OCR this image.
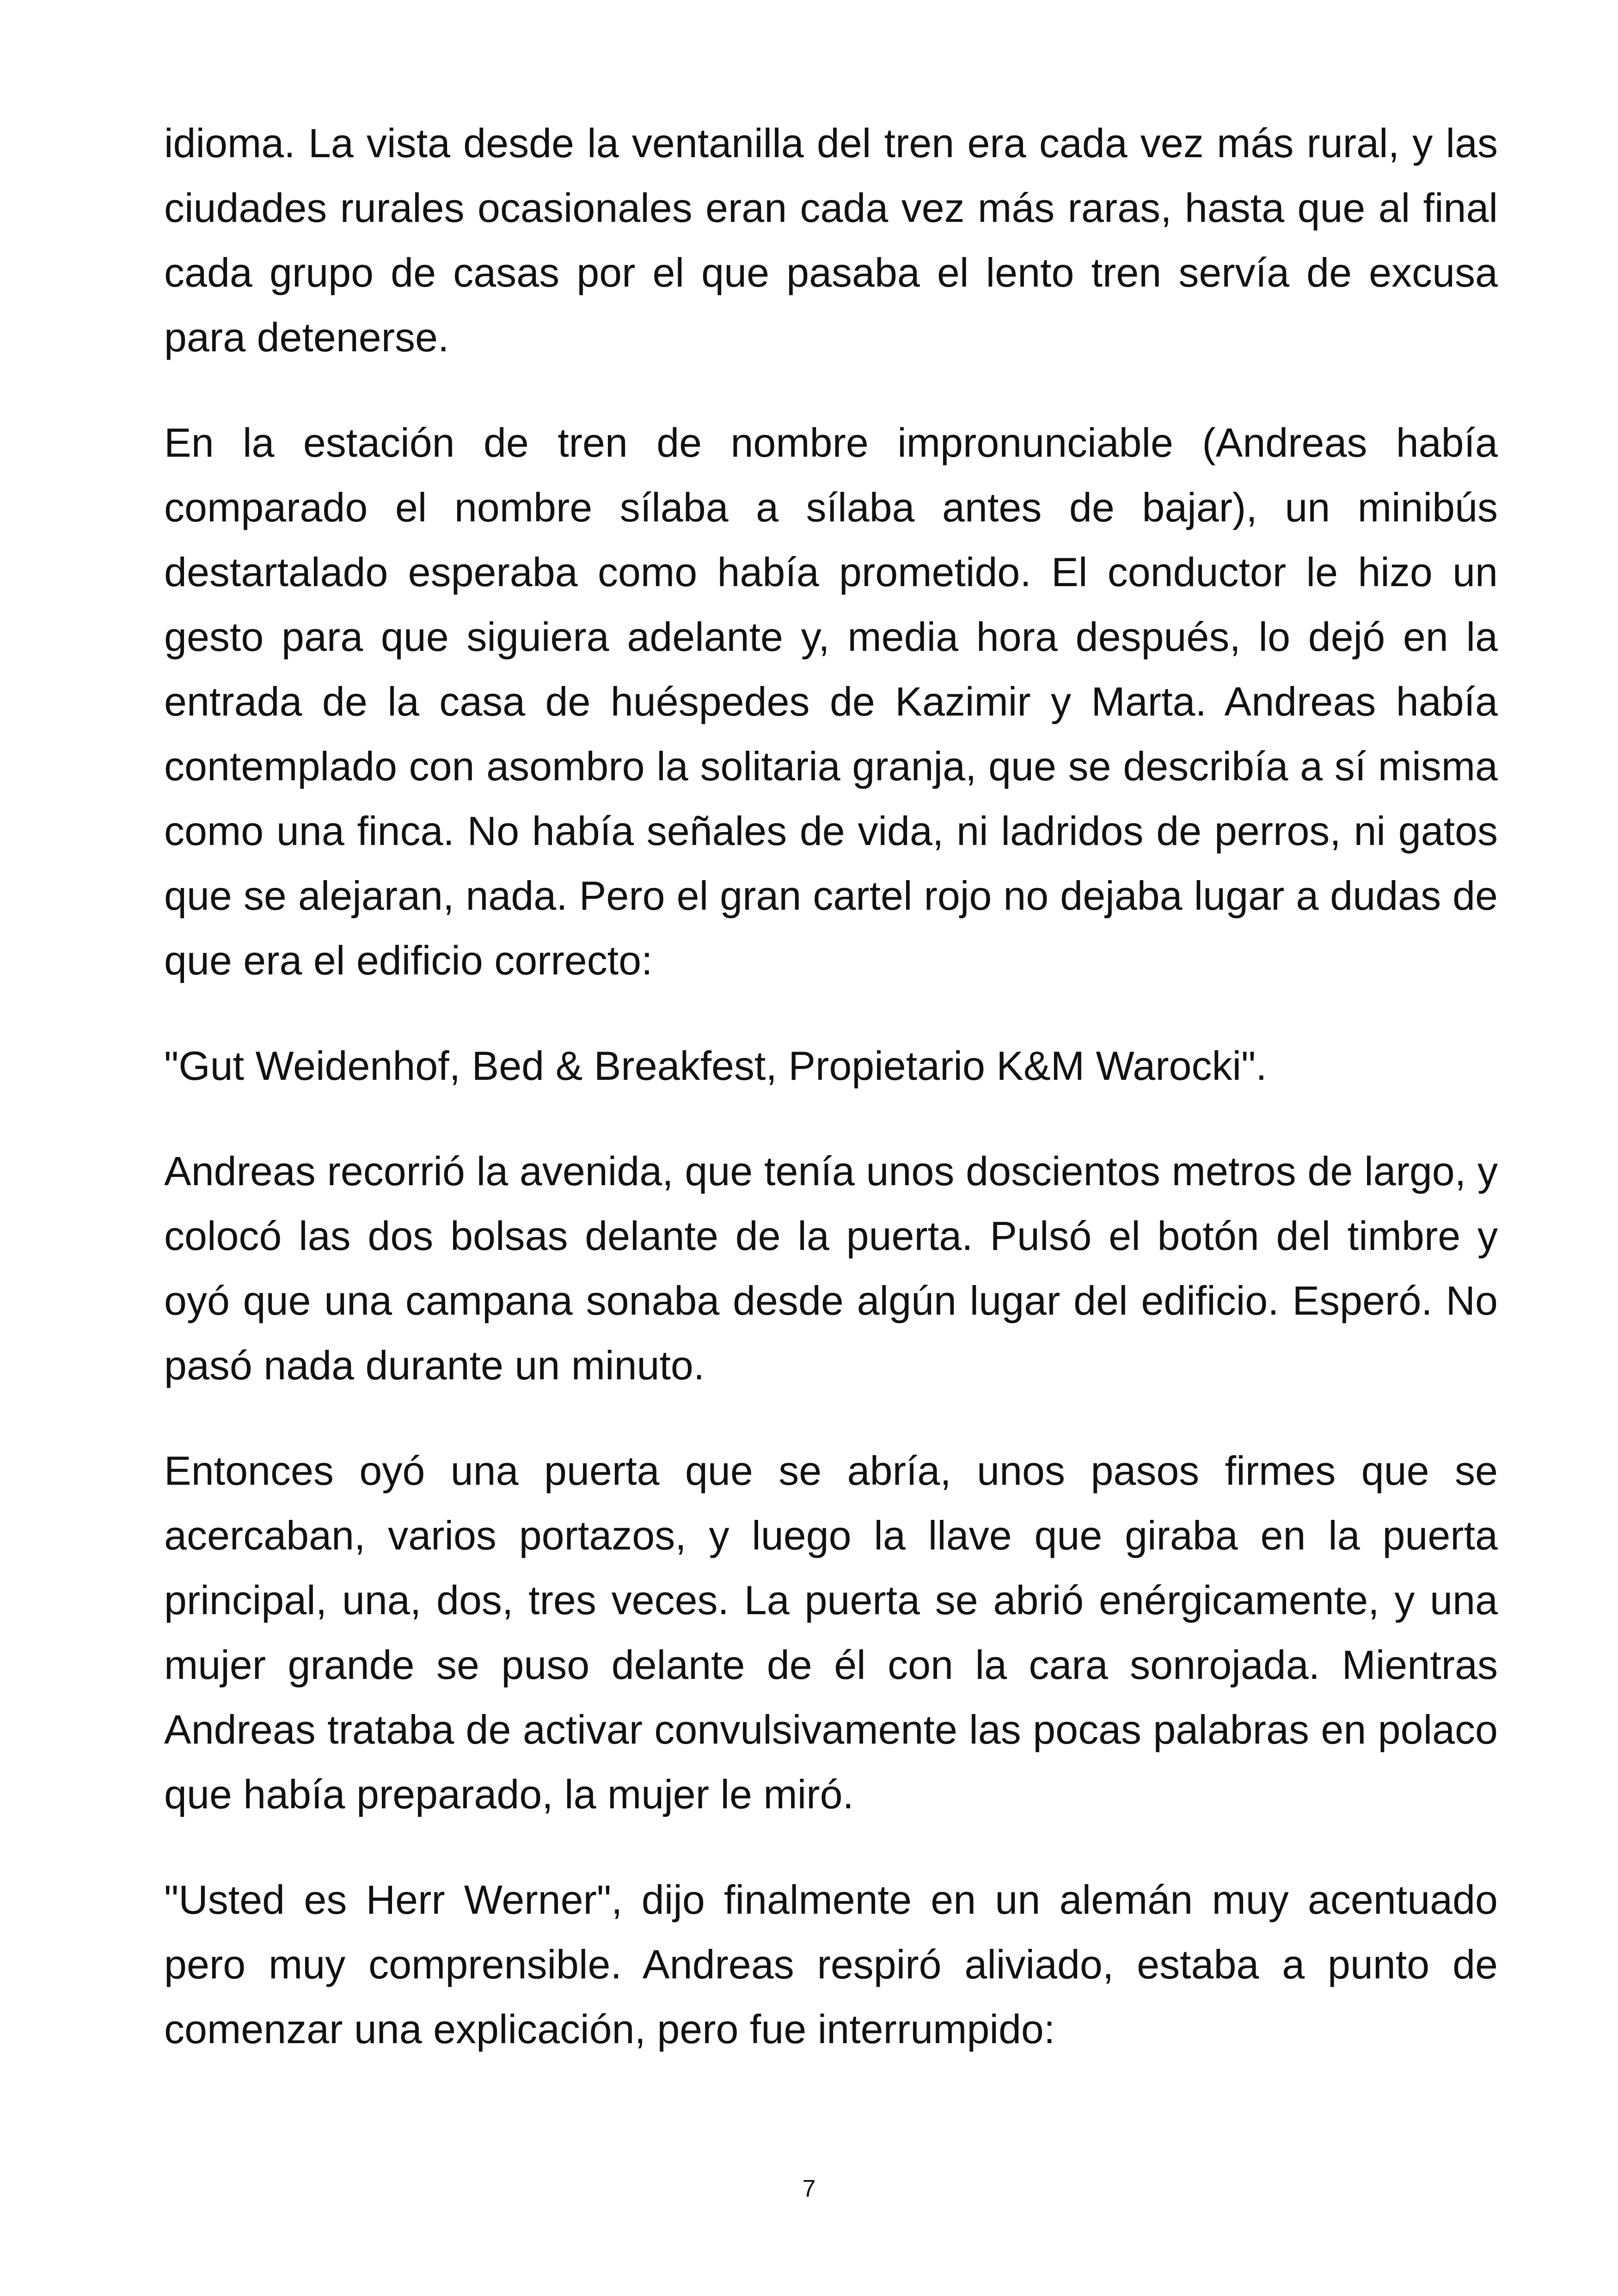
idioma. La vista desde la ventanilla del tren era cada vez más rural, y las ciudades rurales ocasionales eran cada vez más raras, hasta que al final cada grupo de casas por el que pasaba el lento tren servía de excusa para detenerse.

En la estación de tren de nombre impronunciable (Andreas había comparado el nombre sílaba a sílaba antes de bajar), un minibús destartalado esperaba como había prometido. El conductor le hizo un gesto para que siguiera adelante y, media hora después, lo dejó en la entrada de la casa de huéspedes de Kazimir y Marta. Andreas había contemplado con asombro la solitaria granja, que se describía a sí misma como una finca. No había señales de vida, ni ladridos de perros, ni gatos que se alejaran, nada. Pero el gran cartel rojo no dejaba lugar a dudas de que era el edificio correcto:

"Gut Weidenhof, Bed & Breakfest, Propietario K&M Warocki".

Andreas recorrió la avenida, que tenía unos doscientos metros de largo, y colocó las dos bolsas delante de la puerta. Pulsó el botón del timbre y oyó que una campana sonaba desde algún lugar del edificio. Esperó. No pasó nada durante un minuto.

Entonces oyó una puerta que se abría, unos pasos firmes que se acercaban, varios portazos, y luego la llave que giraba en la puerta principal, una, dos, tres veces. La puerta se abrió enérgicamente, y una mujer grande se puso delante de él con la cara sonrojada. Mientras Andreas trataba de activar convulsivamente las pocas palabras en polaco que había preparado, la mujer le miró.

"Usted es Herr Werner", dijo finalmente en un alemán muy acentuado pero muy comprensible. Andreas respiró aliviado, estaba a punto de comenzar una explicación, pero fue interrumpido:

7
